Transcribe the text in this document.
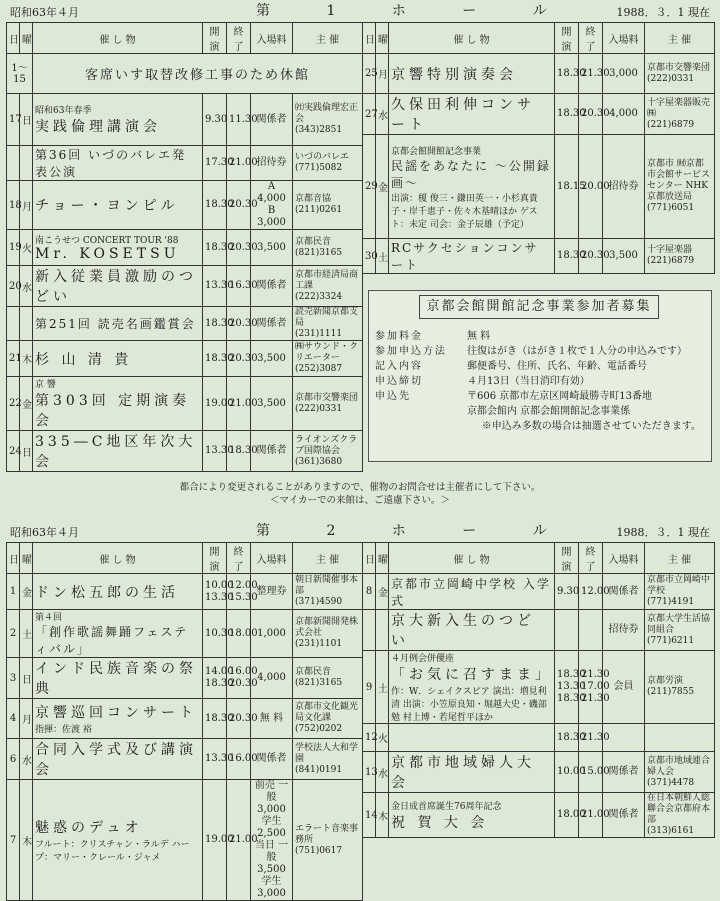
昭和63年４月	第 1 ホ ー ル	1988．３．1 現在
日	曜	催 し 物	開演	終了	入場料	主 催
1〜15		客席いす取替改修工事のため休館				
17	日	昭和63年春季
実践倫理講演会	9.30	11.30	関係者	㈳実践倫理宏正会
(343)2851

		第36回 いづのバレエ発表公演	17.30	21.00	招待券	いづのバレエ
(771)5082

18	月	チョー・ヨンピル	18.30	20.30	A 4,000 B 3,000	京都音協
(211)0261

19	火	南こうせつ CONCERT TOUR '88
Mr. KOSETSU	18.30	20.30	3,500	京都民音
(821)3165

20	水	新入従業員激励のつどい	13.30	16.30	関係者	京都市経済局商工課
(222)3324

		第251回 読売名画鑑賞会	18.30	20.30	関係者	読売新聞京都支局
(231)1111

21	木	杉 山 清 貴	18.30	20.30	3,500	㈱サウンド・クリエーター
(252)3087

22	金	京 響
第303回 定期演奏会	19.00	21.00	3,500	京都市交響楽団
(222)0331

24	日	335―C地区年次大会	13.30	18.30	関係者	ライオンズクラブ国際協会
(361)3680
日	曜	催 し 物	開演	終了	入場料	主 催
25	月	京響特別演奏会	18.30	21.30	3,000	京都市交響楽団
(222)0331

27	水	久保田利伸コンサート	18.30	20.30	4,000	十字屋楽器販売㈱
(221)6879

29	金	京都会館開館記念事業
民謡をあなたに ～公開録画～
出演：榎 俊三・鎌田英一・小杉真貴子・岸千恵子・佐々木基晴ほか ゲスト：未定 司会：金子辰雄（予定）	18.15	20.00	招待券	京都市 ㈶京都市会館サービスセンター NHK京都放送局
(771)6051

30	土	RCサクセションコンサート	18.30	20.30	3,500	十字屋楽器
(221)6879
京都会館開館記念事業参加者募集
参加料金	無 料
参加申込方法	往復はがき（はがき１枚で１人分の申込みです）
記入内容	郵便番号、住所、氏名、年齢、電話番号
申込締切	４月13日（当日消印有効）
申込先	〒606 京都市左京区岡崎最勝寺町13番地
京都会館内 京都会館開館記念事業係
※申込み多数の場合は抽選させていただきます。
都合により変更されることがありますので、催物のお問合せは主催者にして下さい。
＜マイカーでの来館は、ご遠慮下さい。＞
昭和63年４月	第 2 ホ ー ル	1988．３．1 現在
日	曜	催 し 物	開演	終了	入場料	主 催
1	金	ドン松五郎の生活	10.00 13.30	12.00 15.30	整理券	朝日新聞催事本部
(371)4590

2	土	第４回
「創作歌謡舞踊フェスティバル」	10.30	18.00	1,000	京都新聞開発株式会社
(231)1101

3	日	インド民族音楽の祭典	14.00 18.30	16.00 20.30	4,000	京都民音
(821)3165

4	月	京響巡回コンサート
指揮：佐渡 裕	18.30	20.30	無 料	京都市文化観光局文化課
(752)0202

6	水	合同入学式及び講演会	13.30	16.00	関係者	学校法人大和学園
(841)0191

7	木	魅惑のデュオ
フルート：クリスチャン・ラルデ ハープ：マリー・クレール・ジャメ	19.00	21.00	前売 一般3,000 学生2,500 当日 一般3,500 学生3,000	エラート音楽事務所
(751)0617
日	曜	催 し 物	開演	終了	入場料	主 催
8	金	京都市立岡崎中学校 入学式	9.30	12.00	関係者	京都市立岡崎中学校
(771)4191

		京大新入生のつどい			招待券	京都大学生活協同組合
(771)6211

9	土	４月例会併優座
「お気に召すまま」
作：W．シェイクスピア 演出：増見利清 出演：小笠原良知・堀越大史・磯部勉 村上博・若尾哲平ほか	18.30 13.30 18.30	21.30 17.00 21.30	会員	京都労演
(211)7855

12	火		18.30	21.30		

13	水	京都市地域婦人大会	10.00	15.00	関係者	京都市地域連合婦人会
(371)4478

14	木	金日成首席誕生76周年記念
祝 賀 大 会	18.00	21.00	関係者	在日本朝鮮人総聯合会京都府本部
(313)6161
